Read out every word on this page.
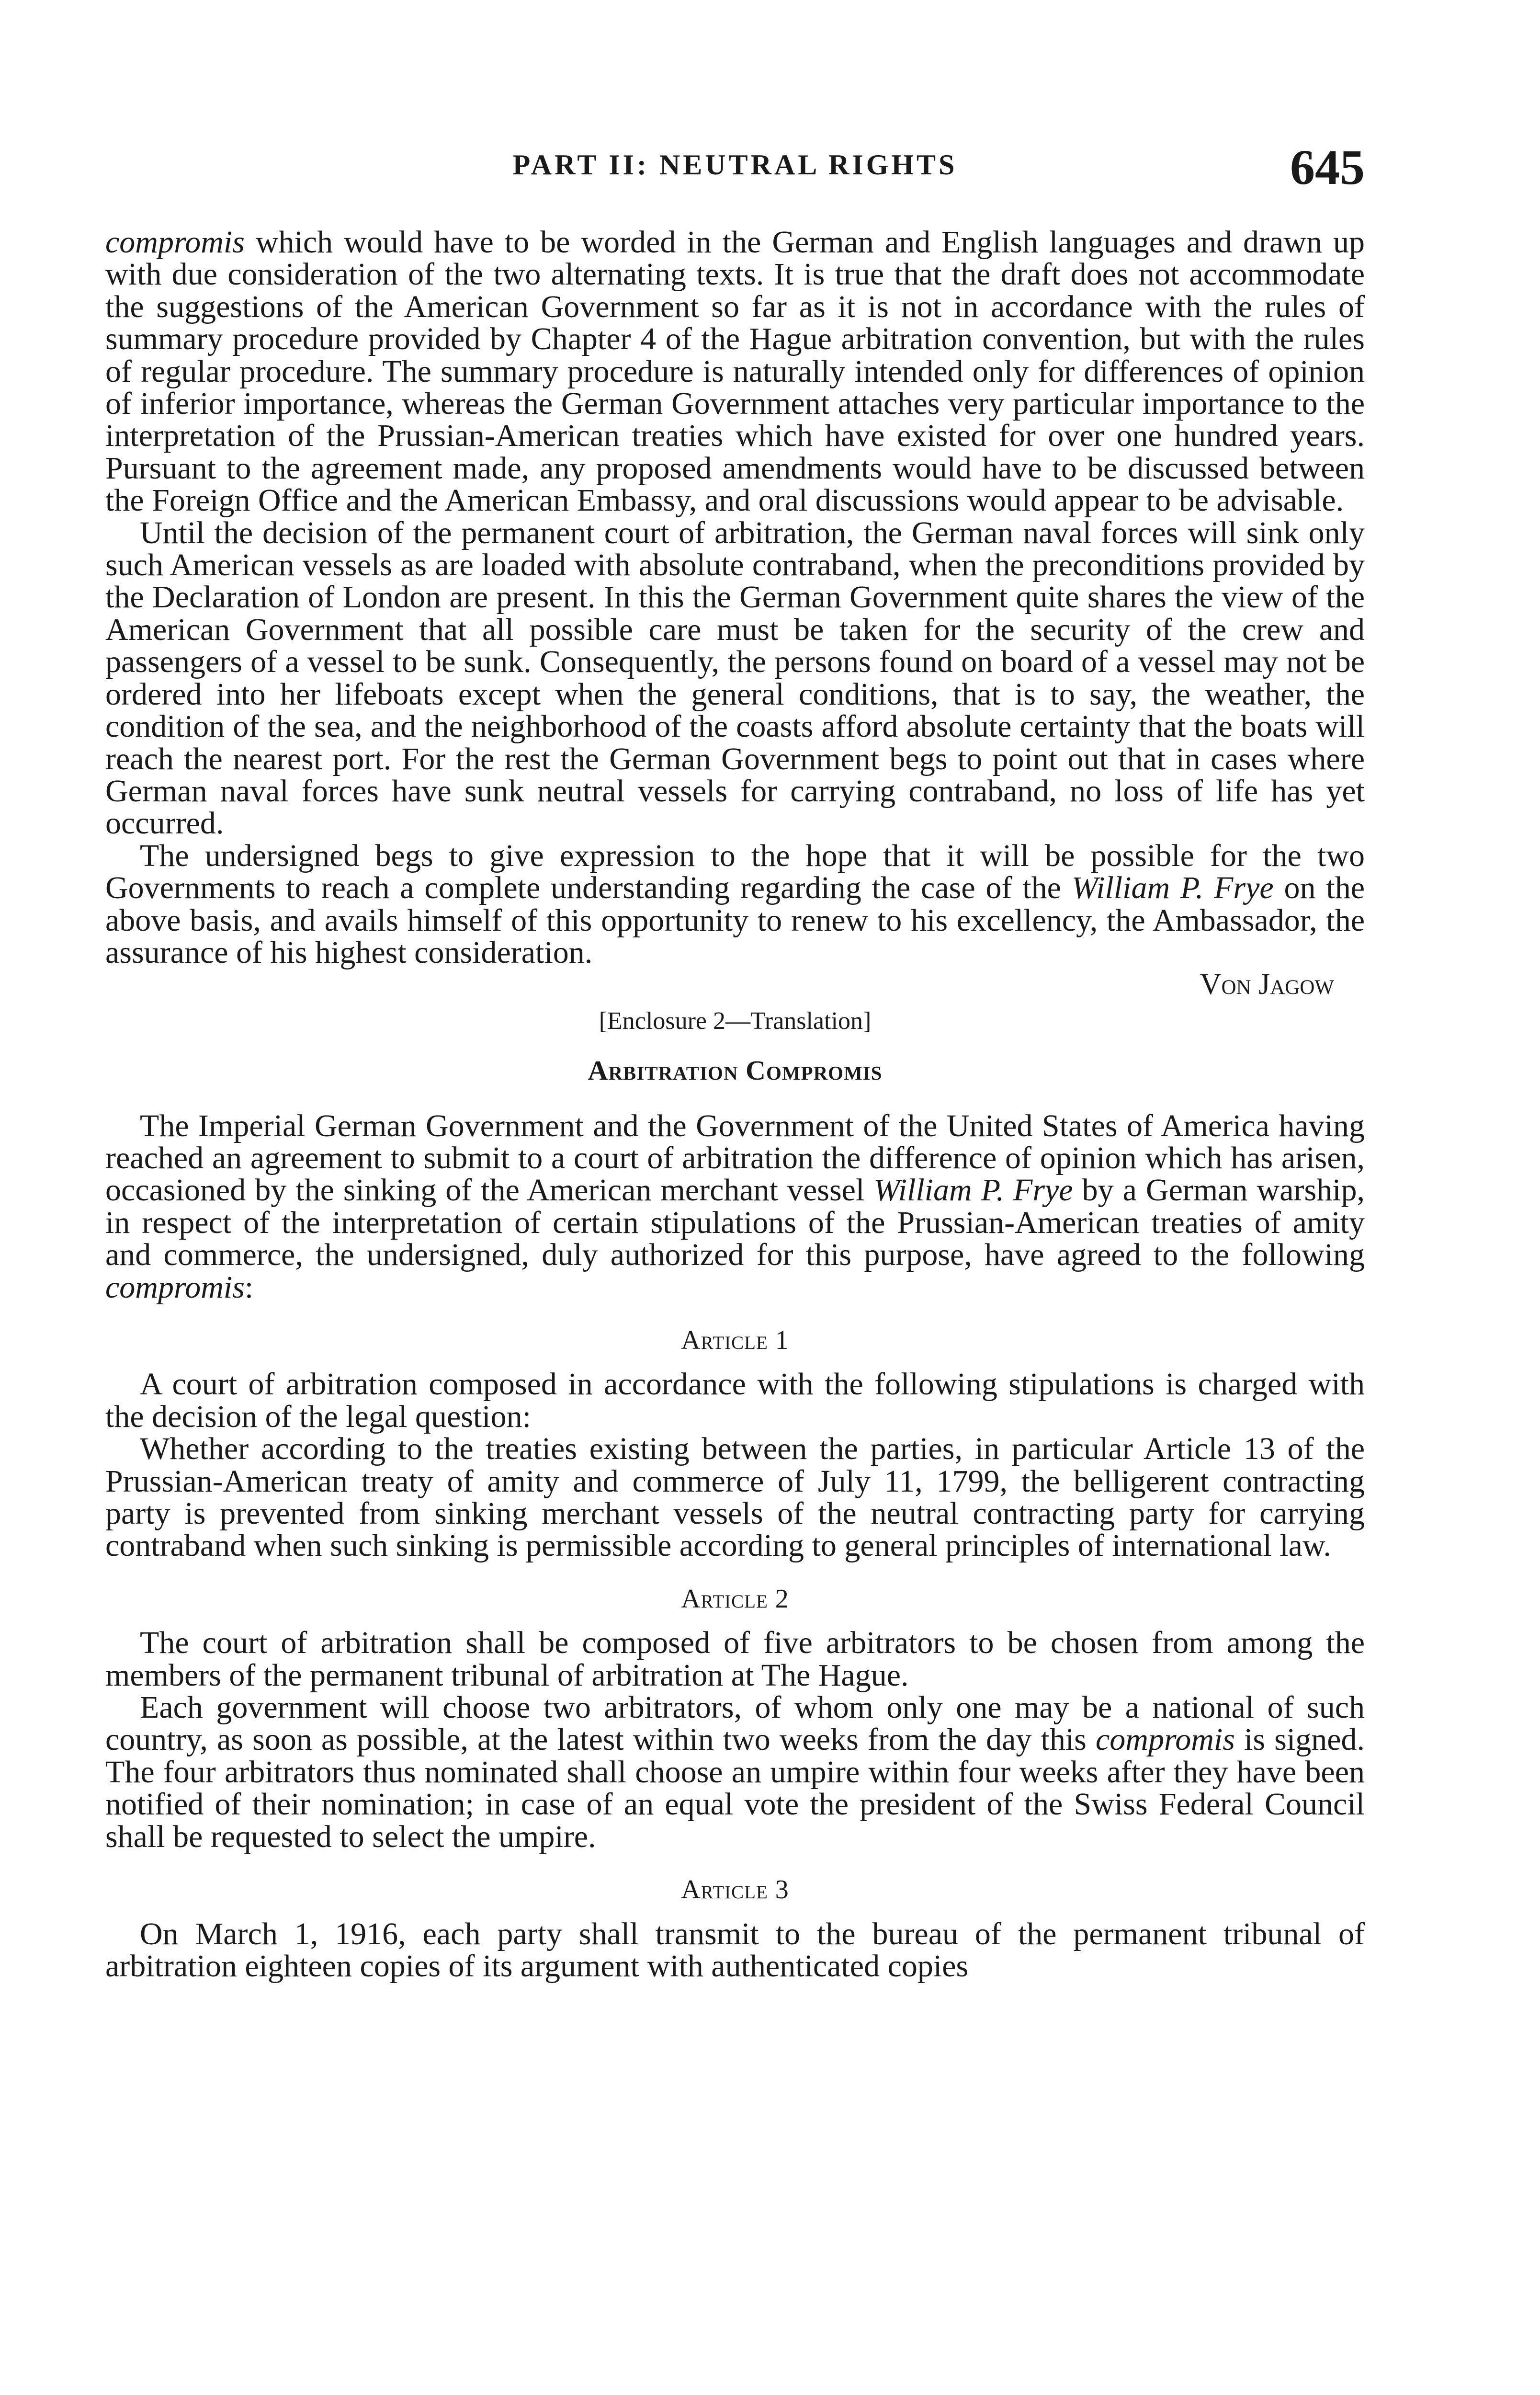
PART II: NEUTRAL RIGHTS	645

compromis which would have to be worded in the German and English languages and drawn up with due consideration of the two alternating texts. It is true that the draft does not accommodate the suggestions of the American Government so far as it is not in accordance with the rules of summary procedure provided by Chapter 4 of the Hague arbitration convention, but with the rules of regular procedure. The summary procedure is naturally intended only for differences of opinion of inferior importance, whereas the German Government attaches very particular importance to the interpretation of the Prussian-American treaties which have existed for over one hundred years. Pursuant to the agreement made, any proposed amendments would have to be discussed between the Foreign Office and the American Embassy, and oral discussions would appear to be advisable.

Until the decision of the permanent court of arbitration, the German naval forces will sink only such American vessels as are loaded with absolute contraband, when the preconditions provided by the Declaration of London are present. In this the German Government quite shares the view of the American Government that all possible care must be taken for the security of the crew and passengers of a vessel to be sunk. Consequently, the persons found on board of a vessel may not be ordered into her lifeboats except when the general conditions, that is to say, the weather, the condition of the sea, and the neighborhood of the coasts afford absolute certainty that the boats will reach the nearest port. For the rest the German Government begs to point out that in cases where German naval forces have sunk neutral vessels for carrying contraband, no loss of life has yet occurred.

The undersigned begs to give expression to the hope that it will be possible for the two Governments to reach a complete understanding regarding the case of the William P. Frye on the above basis, and avails himself of this opportunity to renew to his excellency, the Ambassador, the assurance of his highest consideration.

Von Jagow

[Enclosure 2—Translation]

Arbitration Compromis

The Imperial German Government and the Government of the United States of America having reached an agreement to submit to a court of arbitration the difference of opinion which has arisen, occasioned by the sinking of the American merchant vessel William P. Frye by a German warship, in respect of the interpretation of certain stipulations of the Prussian-American treaties of amity and commerce, the undersigned, duly authorized for this purpose, have agreed to the following compromis:

Article 1

A court of arbitration composed in accordance with the following stipulations is charged with the decision of the legal question:

Whether according to the treaties existing between the parties, in particular Article 13 of the Prussian-American treaty of amity and commerce of July 11, 1799, the belligerent contracting party is prevented from sinking merchant vessels of the neutral contracting party for carrying contraband when such sinking is permissible according to general principles of international law.

Article 2

The court of arbitration shall be composed of five arbitrators to be chosen from among the members of the permanent tribunal of arbitration at The Hague.

Each government will choose two arbitrators, of whom only one may be a national of such country, as soon as possible, at the latest within two weeks from the day this compromis is signed. The four arbitrators thus nominated shall choose an umpire within four weeks after they have been notified of their nomination; in case of an equal vote the president of the Swiss Federal Council shall be requested to select the umpire.

Article 3

On March 1, 1916, each party shall transmit to the bureau of the permanent tribunal of arbitration eighteen copies of its argument with authenticated copies
